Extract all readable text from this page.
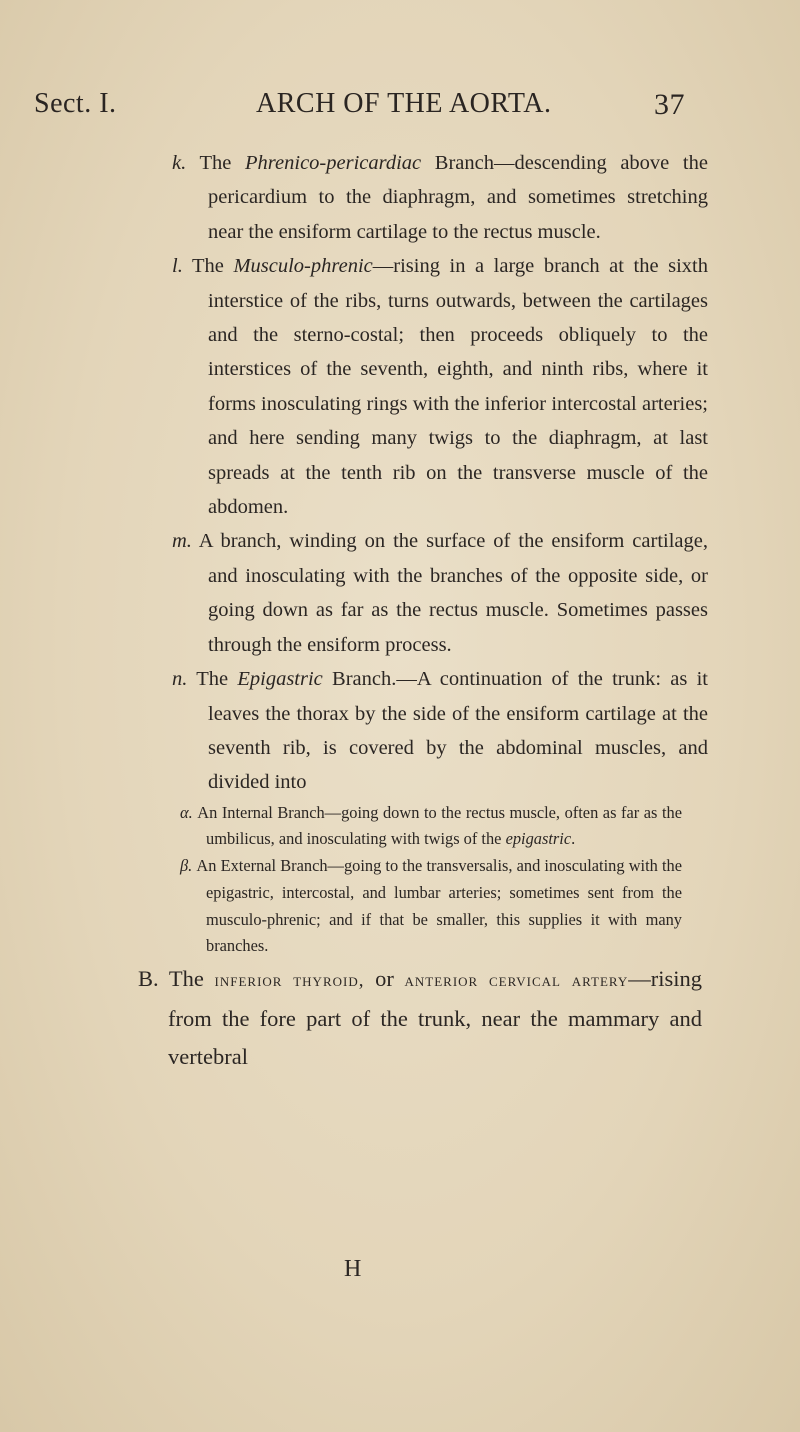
Sect. I.	ARCH OF THE AORTA.	37

k. The Phrenico-pericardiac Branch—descending above the pericardium to the diaphragm, and sometimes stretching near the ensiform cartilage to the rectus muscle.

l. The Musculo-phrenic—rising in a large branch at the sixth interstice of the ribs, turns outwards, between the cartilages and the sterno-costal; then proceeds obliquely to the interstices of the seventh, eighth, and ninth ribs, where it forms inosculating rings with the inferior intercostal arteries; and here sending many twigs to the diaphragm, at last spreads at the tenth rib on the transverse muscle of the abdomen.

m. A branch, winding on the surface of the ensiform cartilage, and inosculating with the branches of the opposite side, or going down as far as the rectus muscle. Sometimes passes through the ensiform process.

n. The Epigastric Branch.—A continuation of the trunk: as it leaves the thorax by the side of the ensiform cartilage at the seventh rib, is covered by the abdominal muscles, and divided into

α. An Internal Branch—going down to the rectus muscle, often as far as the umbilicus, and inosculating with twigs of the epigastric.

β. An External Branch—going to the transversalis, and inosculating with the epigastric, intercostal, and lumbar arteries; sometimes sent from the musculo-phrenic; and if that be smaller, this supplies it with many branches.

B. The inferior thyroid, or anterior cervical artery—rising from the fore part of the trunk, near the mammary and vertebral

H
